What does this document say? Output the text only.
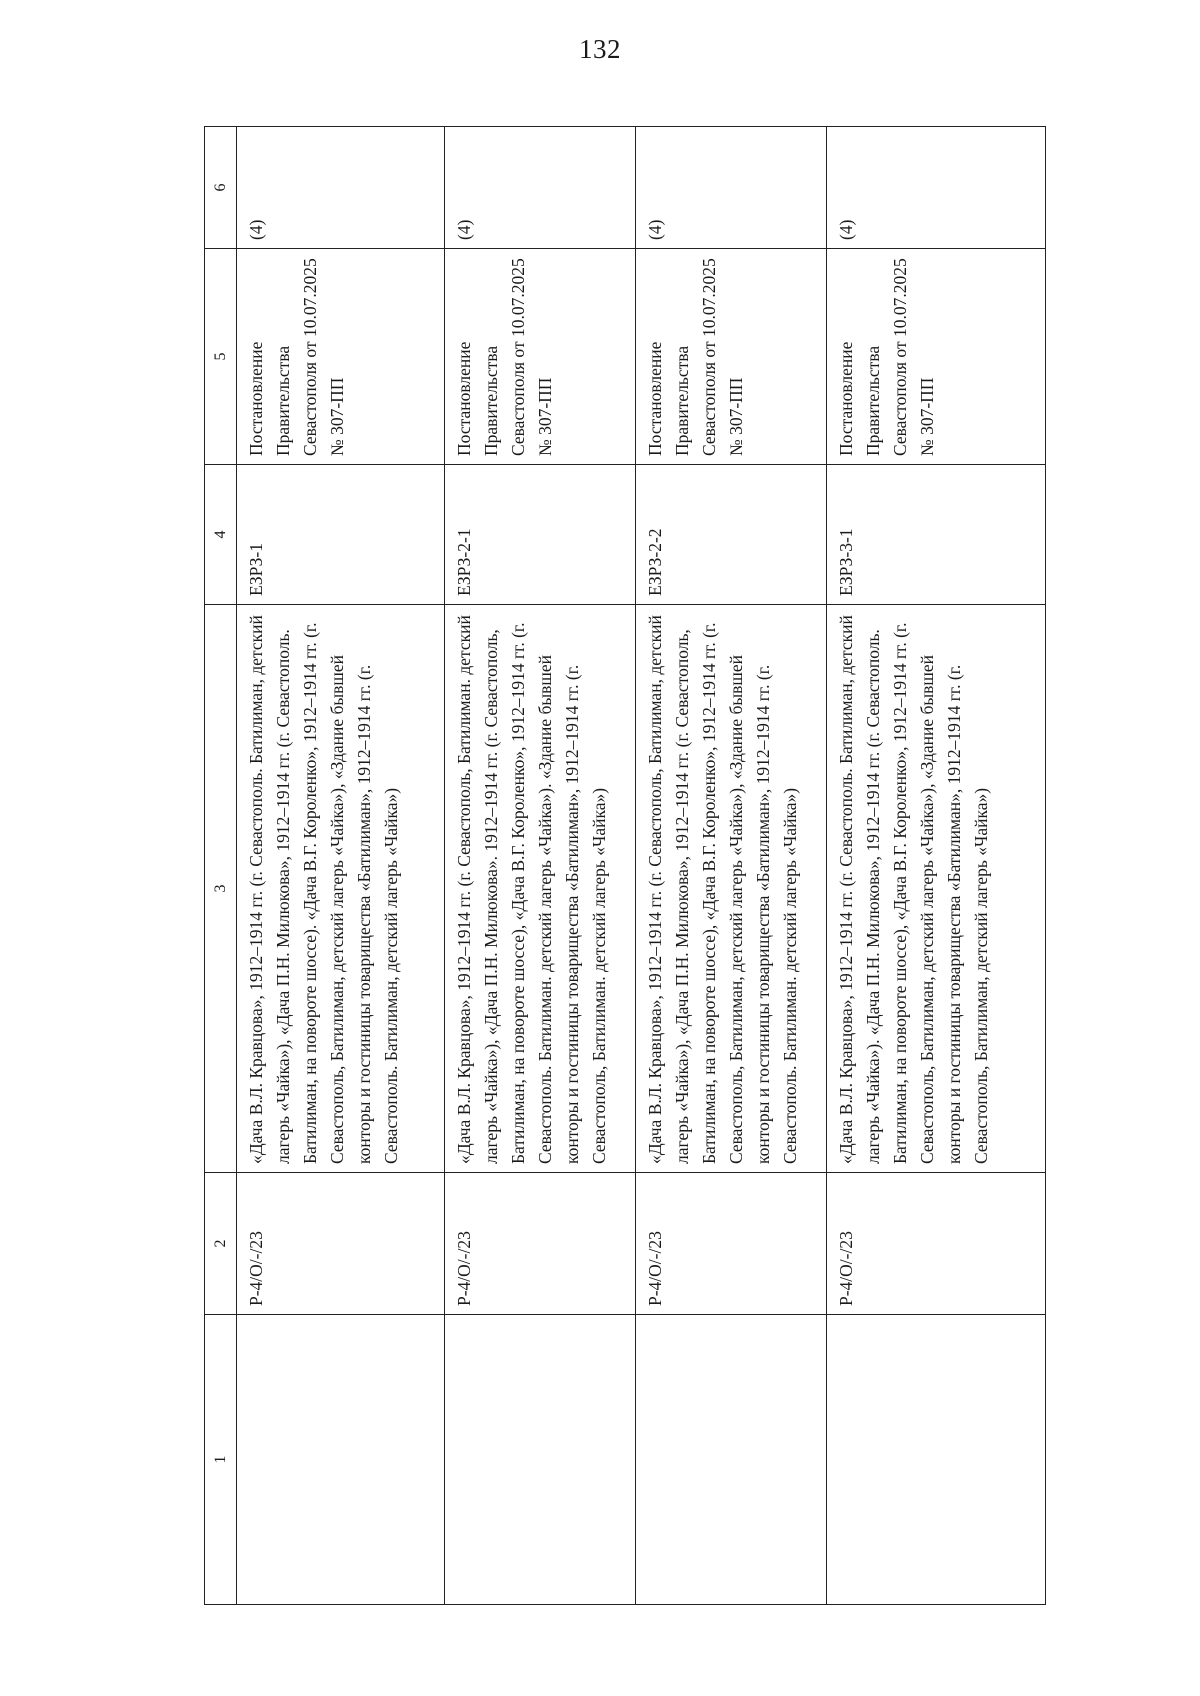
132
1	2	3	4	5	6
	Р-4/О/-/23	«Дача В.Л. Кравцова», 1912–1914 гг. (г. Севастополь. Батилиман, детский лагерь «Чайка»), «Дача П.Н. Милюкова», 1912–1914 гг. (г. Севастополь. Батилиман, на повороте шоссе). «Дача В.Г. Короленко», 1912–1914 гг. (г. Севастополь, Батилиман, детский лагерь «Чайка»), «Здание бывшей конторы и гостиницы товарищества «Батилиман», 1912–1914 гг. (г. Севастополь. Батилиман, детский лагерь «Чайка»)	ЕЗРЗ-1	Постановление Правительства Севастополя от 10.07.2025 № 307-ПП	(4)
	Р-4/О/-/23	«Дача В.Л. Кравцова», 1912–1914 гг. (г. Севастополь, Батилиман. детский лагерь «Чайка»), «Дача П.Н. Милюкова». 1912–1914 гг. (г. Севастополь, Батилиман, на повороте шоссе), «Дача В.Г. Короленко», 1912–1914 гг. (г. Севастополь. Батилиман. детский лагерь «Чайка»). «Здание бывшей конторы и гостиницы товарищества «Батилиман», 1912–1914 гг. (г. Севастополь, Батилиман. детский лагерь «Чайка»)	ЕЗРЗ-2-1	Постановление Правительства Севастополя от 10.07.2025 № 307-ПП	(4)
	Р-4/О/-/23	«Дача В.Л. Кравцова», 1912–1914 гг. (г. Севастополь, Батилиман, детский лагерь «Чайка»), «Дача П.Н. Милюкова», 1912–1914 гг. (г. Севастополь, Батилиман, на повороте шоссе), «Дача В.Г. Короленко», 1912–1914 гг. (г. Севастополь, Батилиман, детский лагерь «Чайка»), «Здание бывшей конторы и гостиницы товарищества «Батилиман», 1912–1914 гг. (г. Севастополь. Батилиман. детский лагерь «Чайка»)	ЕЗРЗ-2-2	Постановление Правительства Севастополя от 10.07.2025 № 307-ПП	(4)
	Р-4/О/-/23	«Дача В.Л. Кравцова», 1912–1914 гг. (г. Севастополь. Батилиман, детский лагерь «Чайка»). «Дача П.Н. Милюкова», 1912–1914 гг. (г. Севастополь. Батилиман, на повороте шоссе), «Дача В.Г. Короленко», 1912–1914 гг. (г. Севастополь, Батилиман, детский лагерь «Чайка»), «Здание бывшей конторы и гостиницы товарищества «Батилиман», 1912–1914 гг. (г. Севастополь, Батилиман, детский лагерь «Чайка»)	ЕЗРЗ-3-1	Постановление Правительства Севастополя от 10.07.2025 № 307-ПП	(4)
